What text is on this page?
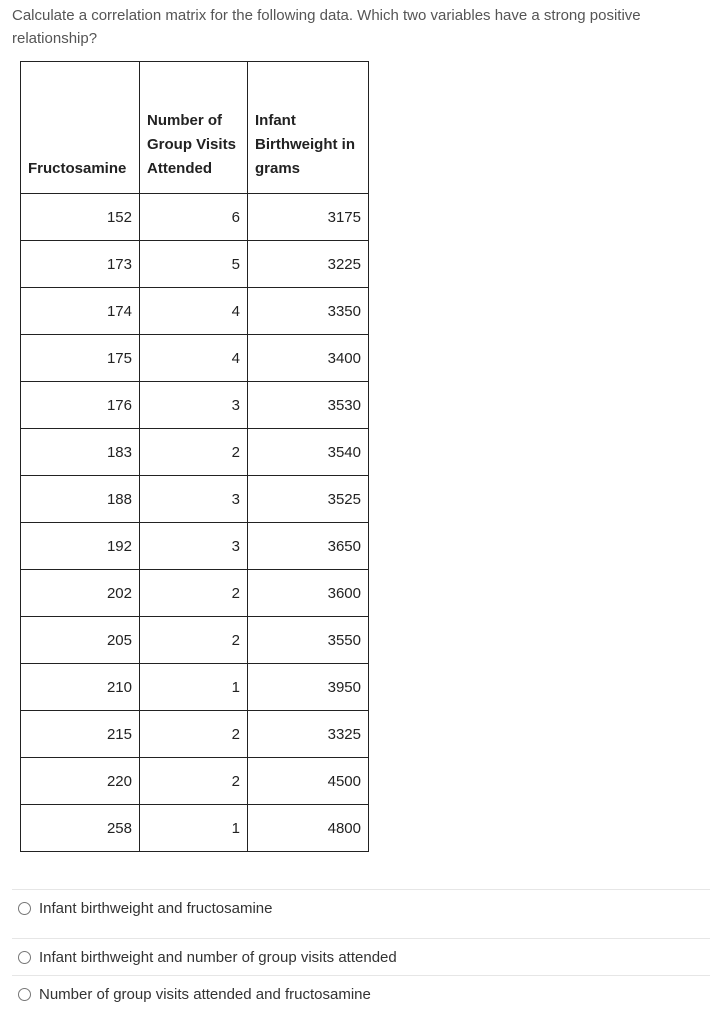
Calculate a correlation matrix for the following data. Which two variables have a strong positive relationship?
Fructosamine	Number of Group Visits Attended	Infant Birthweight in grams
152	6	3175
173	5	3225
174	4	3350
175	4	3400
176	3	3530
183	2	3540
188	3	3525
192	3	3650
202	2	3600
205	2	3550
210	1	3950
215	2	3325
220	2	4500
258	1	4800
Infant birthweight and fructosamine
Infant birthweight and number of group visits attended
Number of group visits attended and fructosamine
